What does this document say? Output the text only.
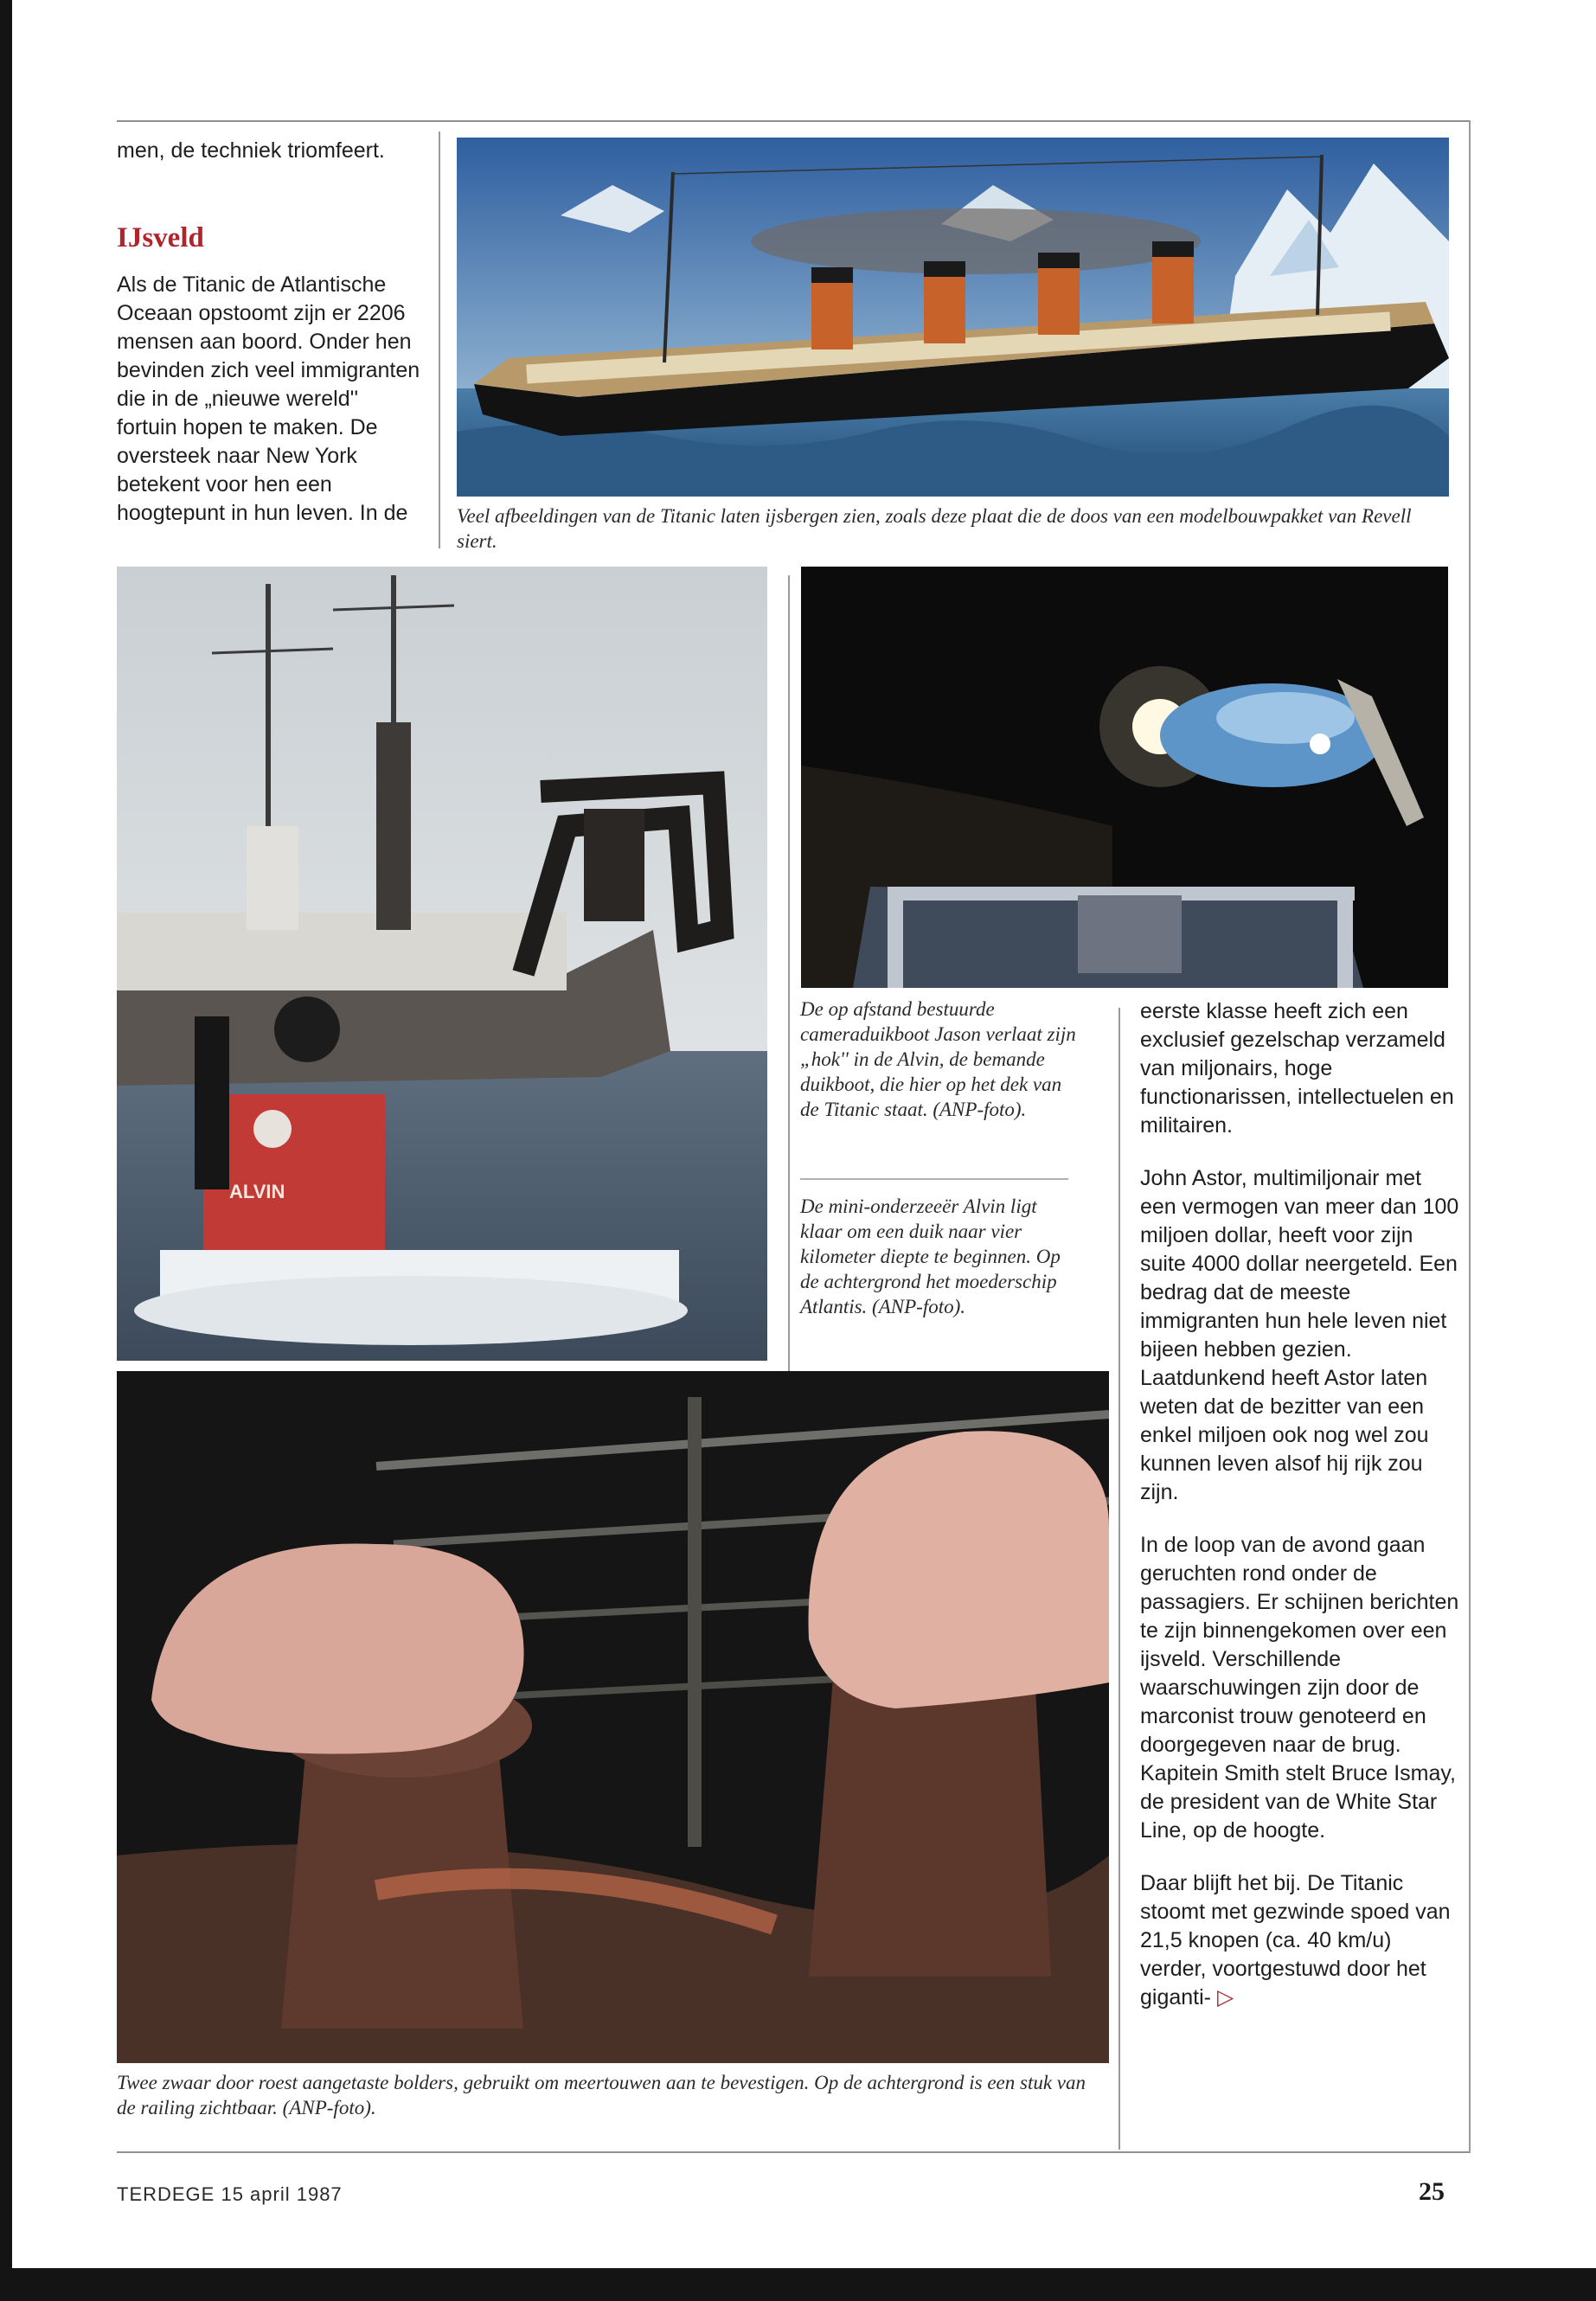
men, de techniek triomfeert.
IJsveld
Als de Titanic de Atlantische Oceaan opstoomt zijn er 2206 mensen aan boord. Onder hen bevinden zich veel immigranten die in de „nieuwe wereld'' fortuin hopen te maken. De oversteek naar New York betekent voor hen een hoogtepunt in hun leven. In de	Veel afbeeldingen van de Titanic laten ijsbergen zien, zoals deze plaat die de doos van een modelbouwpakket van Revell siert.
ALVIN
De op afstand bestuurde cameraduikboot Jason verlaat zijn „hok'' in de Alvin, de bemande duikboot, die hier op het dek van de Titanic staat. (ANP-foto).
De mini-onderzeeër Alvin ligt klaar om een duik naar vier kilometer diepte te beginnen. Op de achtergrond het moederschip Atlantis. (ANP-foto).
Twee zwaar door roest aangetaste bolders, gebruikt om meertouwen aan te bevestigen. Op de achtergrond is een stuk van de railing zichtbaar. (ANP-foto).

eerste klasse heeft zich een exclusief gezelschap verzameld van miljonairs, hoge functionarissen, intellectuelen en militairen.

John Astor, multimiljonair met een vermogen van meer dan 100 miljoen dollar, heeft voor zijn suite 4000 dollar neergeteld. Een bedrag dat de meeste immigranten hun hele leven niet bijeen hebben gezien. Laatdunkend heeft Astor laten weten dat de bezitter van een enkel miljoen ook nog wel zou kunnen leven alsof hij rijk zou zijn.

In de loop van de avond gaan geruchten rond onder de passagiers. Er schijnen berichten te zijn binnengekomen over een ijsveld. Verschillende waarschuwingen zijn door de marconist trouw genoteerd en doorgegeven naar de brug. Kapitein Smith stelt Bruce Ismay, de president van de White Star Line, op de hoogte.

Daar blijft het bij. De Titanic stoomt met gezwinde spoed van 21,5 knopen (ca. 40 km/u) verder, voortgestuwd door het giganti- ▷

TERDEGE 15 april 1987	25
